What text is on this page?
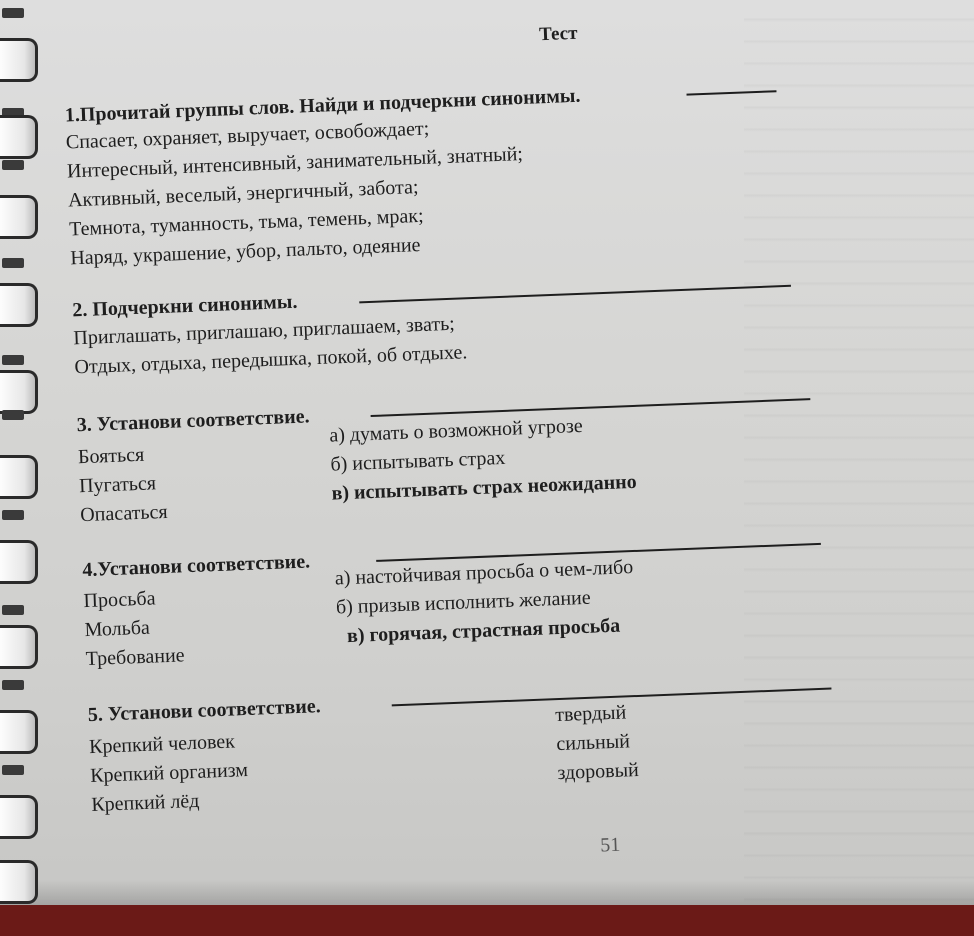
Тест
1.Прочитай группы слов. Найди и подчеркни синонимы.
Спасает, охраняет, выручает, освобождает;
Интересный, интенсивный, занимательный, знатный;
Активный, веселый, энергичный, забота;
Темнота, туманность, тьма, темень, мрак;
Наряд, украшение, убор, пальто, одеяние
2. Подчеркни синонимы.
Приглашать, приглашаю, приглашаем, звать;
Отдых, отдыха, передышка, покой, об отдыхе.
3. Установи соответствие.
Бояться
Пугаться
Опасаться
а) думать о возможной угрозе
б) испытывать страх
в) испытывать страх неожиданно
4.Установи соответствие.
Просьба
Мольба
Требование
а) настойчивая просьба о чем-либо
б) призыв исполнить желание
в) горячая, страстная просьба
5. Установи соответствие.
Крепкий человек
Крепкий организм
Крепкий лёд
твердый
сильный
здоровый
51
